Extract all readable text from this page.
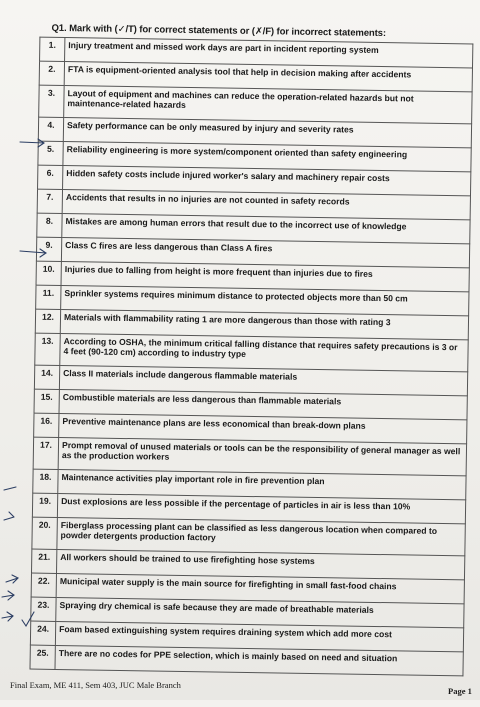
Q1. Mark with (✓/T) for correct statements or (✗/F) for incorrect statements:
1.	Injury treatment and missed work days are part in incident reporting system
2.	FTA is equipment-oriented analysis tool that help in decision making after accidents
3.	Layout of equipment and machines can reduce the operation-related hazards but not maintenance-related hazards
4.	Safety performance can be only measured by injury and severity rates
5.	Reliability engineering is more system/component oriented than safety engineering
6.	Hidden safety costs include injured worker's salary and machinery repair costs
7.	Accidents that results in no injuries are not counted in safety records
8.	Mistakes are among human errors that result due to the incorrect use of knowledge
9.	Class C fires are less dangerous than Class A fires
10.	Injuries due to falling from height is more frequent than injuries due to fires
11.	Sprinkler systems requires minimum distance to protected objects more than 50 cm
12.	Materials with flammability rating 1 are more dangerous than those with rating 3
13.	According to OSHA, the minimum critical falling distance that requires safety precautions is 3 or 4 feet (90-120 cm) according to industry type
14.	Class II materials include dangerous flammable materials
15.	Combustible materials are less dangerous than flammable materials
16.	Preventive maintenance plans are less economical than break-down plans
17.	Prompt removal of unused materials or tools can be the responsibility of general manager as well as the production workers
18.	Maintenance activities play important role in fire prevention plan
19.	Dust explosions are less possible if the percentage of particles in air is less than 10%
20.	Fiberglass processing plant can be classified as less dangerous location when compared to powder detergents production factory
21.	All workers should be trained to use firefighting hose systems
22.	Municipal water supply is the main source for firefighting in small fast-food chains
23.	Spraying dry chemical is safe because they are made of breathable materials
24.	Foam based extinguishing system requires draining system which add more cost
25.	There are no codes for PPE selection, which is mainly based on need and situation
Final Exam, ME 411, Sem 403, JUC Male Branch
Page 1
